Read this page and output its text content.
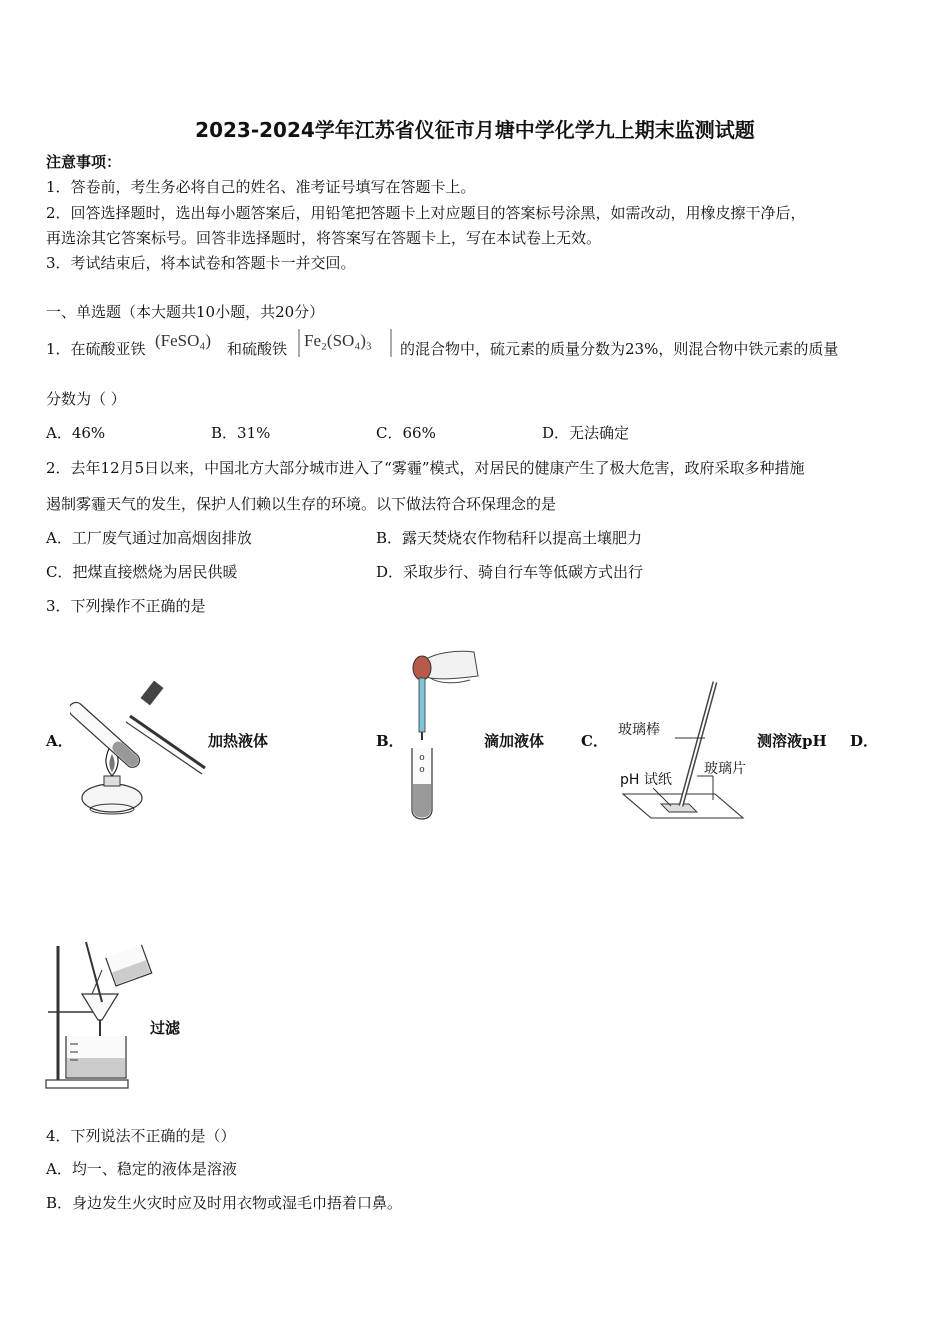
2023-2024学年江苏省仪征市月塘中学化学九上期末监测试题
注意事项：
1．答卷前，考生务必将自己的姓名、准考证号填写在答题卡上。
2．回答选择题时，选出每小题答案后，用铅笔把答题卡上对应题目的答案标号涂黑，如需改动，用橡皮擦干净后，
再选涂其它答案标号。回答非选择题时，将答案写在答题卡上，写在本试卷上无效。
3．考试结束后，将本试卷和答题卡一并交回。
一、单选题（本大题共10小题，共20分）
1．在硫酸亚铁 (FeSO₄) 和硫酸铁 Fe₂(SO₄)₃ 的混合物中，硫元素的质量分数为23%，则混合物中铁元素的质量
分数为（ ）
A．46%	B．31%	C．66%	D．无法确定
2．去年12月5日以来，中国北方大部分城市进入了“雾霾”模式，对居民的健康产生了极大危害，政府采取多种措施
遏制雾霾天气的发生，保护人们赖以生存的环境。以下做法符合环保理念的是
A．工厂废气通过加高烟囱排放	B．露天焚烧农作物秸秆以提高土壤肥力
C．把煤直接燃烧为居民供暖	D．采取步行、骑自行车等低碳方式出行
3．下列操作不正确的是
A．	加热液体	B．
o
o
滴加液体 C．
玻璃棒
pH 试纸
玻璃片
测溶液pH D．
过滤
4．下列说法不正确的是（）
A．均一、稳定的液体是溶液
B．身边发生火灾时应及时用衣物或湿毛巾捂着口鼻。
